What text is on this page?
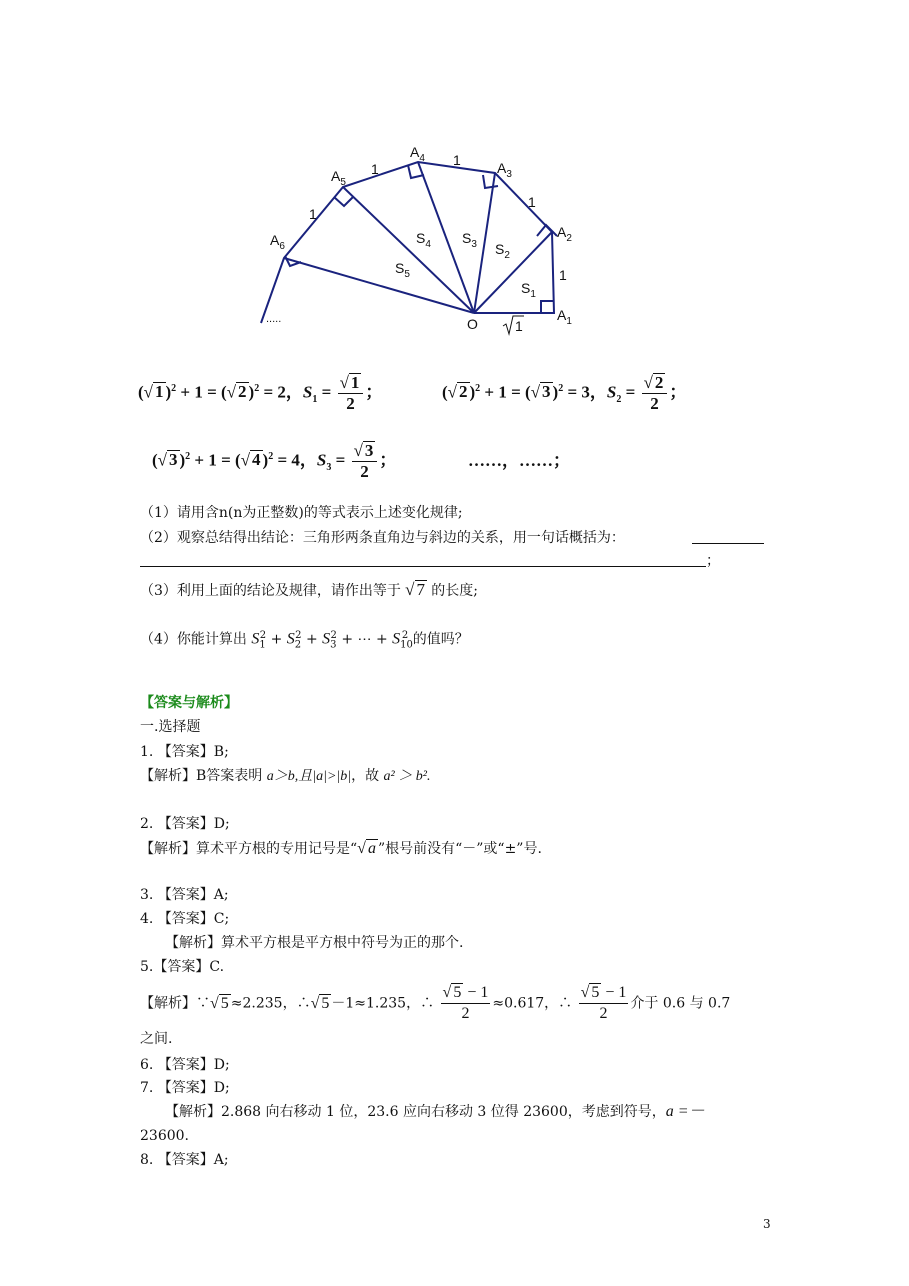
$A_1$
$A_2$
$A_3$
$A_4$
$A_5$
$A_6$
O
$S_1$
$S_2$
$S_3$
$S_4$
$S_5$
1
1
1
1
1
1
.....
(√ 1 )$^2$ + 1 = (√ 2 )$^2$ = 2，$S_1 = \frac{√ 1}{2}$ ；	(√ 2 )$^2$ + 1 = (√ 3 )$^2$ = 3，$S_2 = \frac{√ 2}{2}$ ；
(√ 3 )$^2$ + 1 = (√ 4 )$^2$ = 4，$S_3 = \frac{√ 3}{2}$ ；	……，……；
（1）请用含n(n为正整数)的等式表示上述变化规律;
（2）观察总结得出结论：三角形两条直角边与斜边的关系，用一句话概括为：
；
（3）利用上面的结论及规律，请作出等于 √ 7 的长度;
（4）你能计算出 $S_1^2 + S_2^2 + S_3^2$ + ⋯ + $S_{10}^2$ 的值吗？
【答案与解析】
一.选择题
1. 【答案】B;
【解析】B答案表明 a＞b,且|a|>|b|，故 a² ＞ b².
2. 【答案】D;
【解析】算术平方根的专用记号是“√ a ”根号前没有“－”或“±”号.
3. 【答案】A;
4. 【答案】C;
【解析】算术平方根是平方根中符号为正的那个.
5.【答案】C.
【解析】∵√ 5 ≈2.235，∴√ 5 －1≈1.235，∴ $\frac{√ 5 - 1}{2} \approx 0.617$，∴ $\frac{√ 5 - 1}{2}$ 介于 0.6 与 0.7
之间.
6. 【答案】D;
7. 【答案】D;
【解析】2.868 向右移动 1 位，23.6 应向右移动 3 位得 23600，考虑到符号，a =－
23600.
8. 【答案】A;
3
